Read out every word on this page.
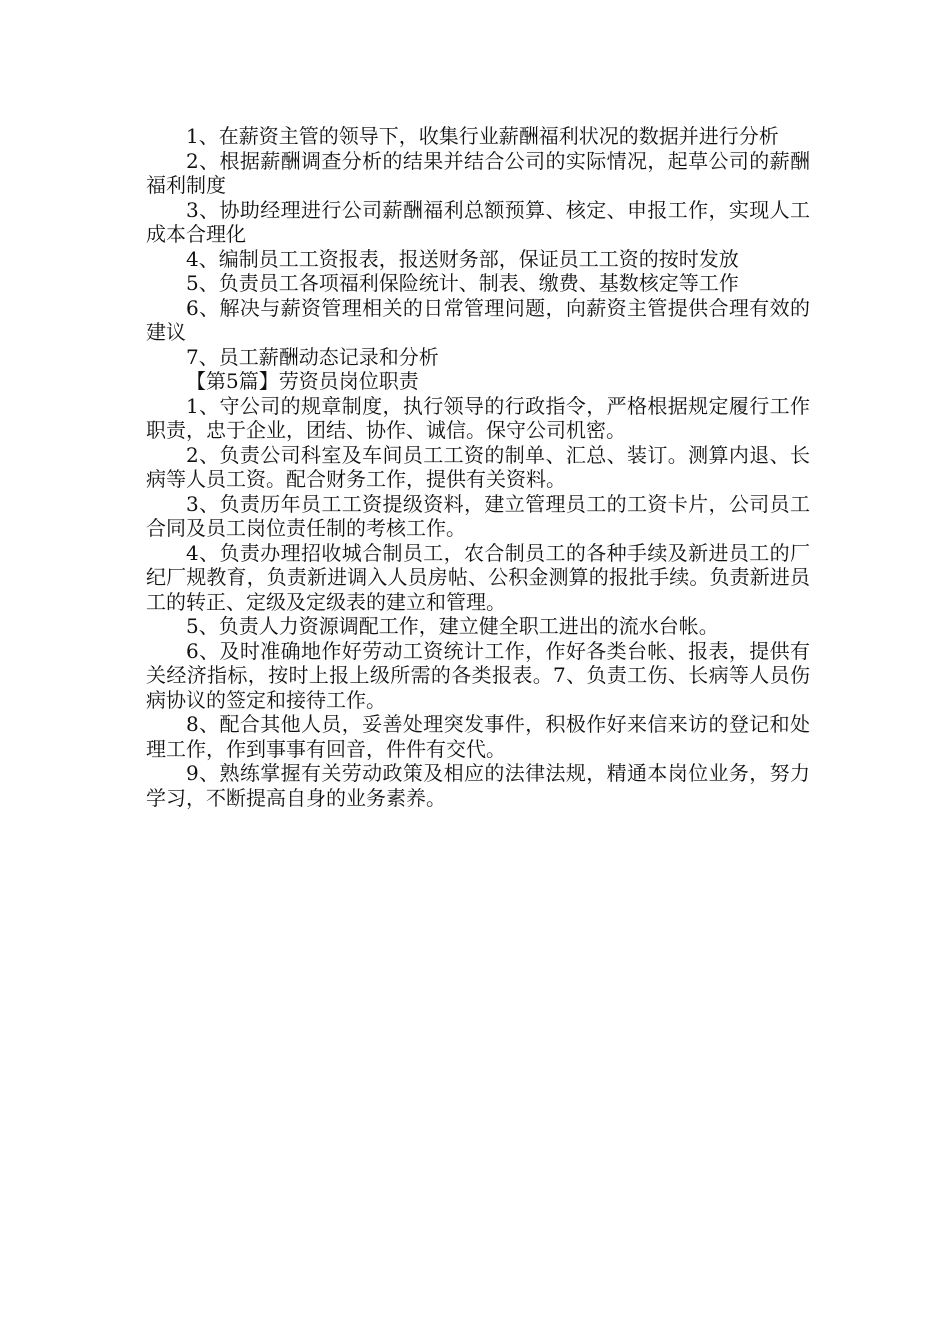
1、在薪资主管的领导下，收集行业薪酬福利状况的数据并进行分析

2、根据薪酬调查分析的结果并结合公司的实际情况，起草公司的薪酬福利制度

3、协助经理进行公司薪酬福利总额预算、核定、申报工作，实现人工成本合理化

4、编制员工工资报表，报送财务部，保证员工工资的按时发放

5、负责员工各项福利保险统计、制表、缴费、基数核定等工作

6、解决与薪资管理相关的日常管理问题，向薪资主管提供合理有效的建议

7、员工薪酬动态记录和分析

【第5篇】劳资员岗位职责

1、守公司的规章制度，执行领导的行政指令，严格根据规定履行工作职责，忠于企业，团结、协作、诚信。保守公司机密。

2、负责公司科室及车间员工工资的制单、汇总、装订。测算内退、长病等人员工资。配合财务工作，提供有关资料。

3、负责历年员工工资提级资料，建立管理员工的工资卡片，公司员工合同及员工岗位责任制的考核工作。

4、负责办理招收城合制员工，农合制员工的各种手续及新进员工的厂纪厂规教育，负责新进调入人员房帖、公积金测算的报批手续。负责新进员工的转正、定级及定级表的建立和管理。

5、负责人力资源调配工作，建立健全职工进出的流水台帐。

6、及时准确地作好劳动工资统计工作，作好各类台帐、报表，提供有关经济指标，按时上报上级所需的各类报表。7、负责工伤、长病等人员伤病协议的签定和接待工作。

8、配合其他人员，妥善处理突发事件，积极作好来信来访的登记和处理工作，作到事事有回音，件件有交代。

9、熟练掌握有关劳动政策及相应的法律法规，精通本岗位业务，努力学习，不断提高自身的业务素养。
